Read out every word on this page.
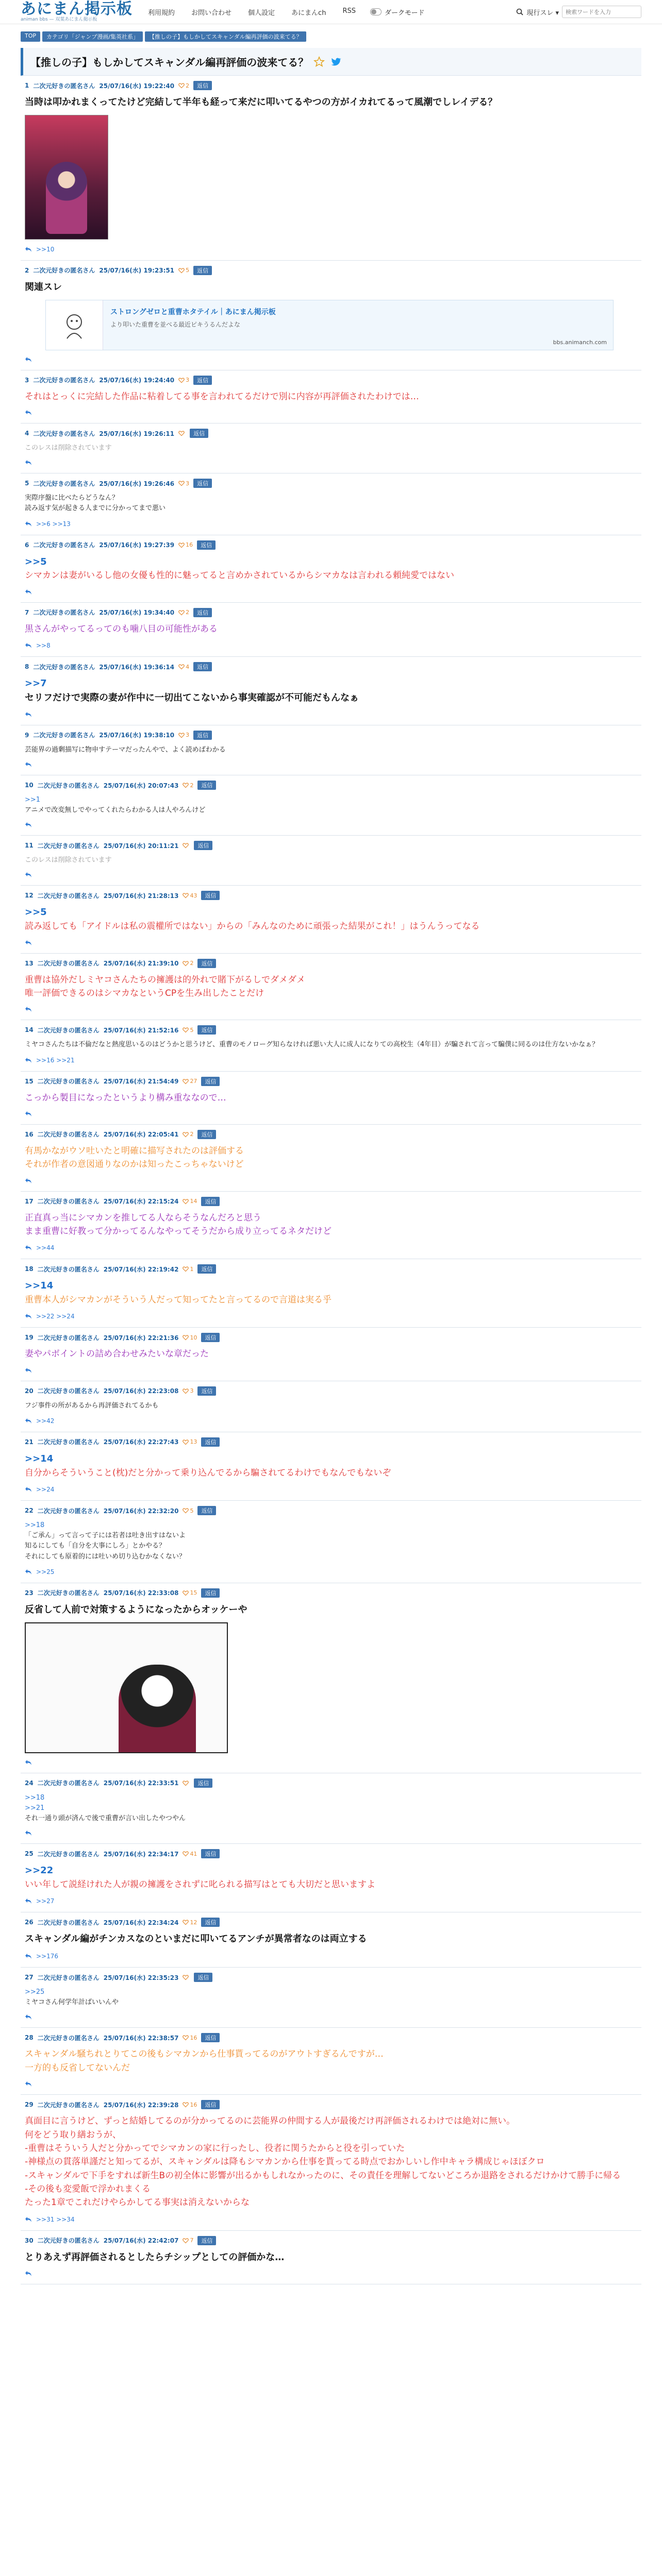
あにまん掲示板
animan bbs — 双葉あにまん掲示板
利用規約 お問い合わせ 個人設定 あにまんch RSS	ダークモード	現行スレ ▾
検索ワードを入力
TOP	カテゴリ「ジャンプ漫画/集英社系」	【推しの子】もしかしてスキャンダル編再評価の波来てる？
【推しの子】もしかしてスキャンダル編再評価の波来てる？
1 二次元好きの匿名さん 25/07/16(水) 19:22:40 2	返信
当時は叩かれまくってたけど完結して半年も経って来だに叩いてるやつの方がイカれてるって風潮でしレイデる？
>>10
2 二次元好きの匿名さん 25/07/16(水) 19:23:51 5	返信
関連スレ
ストロングゼロと重曹ホタテイル｜あにまん掲示板
より叩いた重曹を並べる最近ピキうるんだよな
bbs.animanch.com
3 二次元好きの匿名さん 25/07/16(水) 19:24:40 3	返信
それはとっくに完結した作品に粘着してる事を言われてるだけで別に内容が再評価されたわけでは…
4 二次元好きの匿名さん 25/07/16(水) 19:26:11	返信
このレスは削除されています
5 二次元好きの匿名さん 25/07/16(水) 19:26:46 3	返信
実際序盤に比べたらどうなん？
読み返す気が起きる人までに分かってまで悪い
>>6 >>13
6 二次元好きの匿名さん 25/07/16(水) 19:27:39 16	返信
>>5
シマカンは妻がいるし他の女優も性的に魅ってると言めかされているからシマカなは言われる頼純愛ではない
7 二次元好きの匿名さん 25/07/16(水) 19:34:40 2	返信
黒さんがやってるってのも噛八目の可能性がある
>>8
8 二次元好きの匿名さん 25/07/16(水) 19:36:14 4	返信
>>7
セリフだけで実際の妻が作中に一切出てこないから事実確認が不可能だもんなぁ
9 二次元好きの匿名さん 25/07/16(水) 19:38:10 3	返信
芸能界の過剰描写に物申すテーマだったんやで、よく読めばわかる
10 二次元好きの匿名さん 25/07/16(水) 20:07:43 2	返信
>>1
アニメで改変無しでやってくれたらわかる人は人やろんけど
11 二次元好きの匿名さん 25/07/16(水) 20:11:21	返信
このレスは削除されています
12 二次元好きの匿名さん 25/07/16(水) 21:28:13 43	返信
>>5
読み返しても「アイドルは私の震權所ではない」からの「みんなのために頑張った結果がこれ！」はうんうってなる
13 二次元好きの匿名さん 25/07/16(水) 21:39:10 2	返信
重曹は協外だしミヤコさんたちの擁護は的外れで賭下がるしでダメダメ
唯一評価できるのはシマカなというCPを生み出したことだけ
14 二次元好きの匿名さん 25/07/16(水) 21:52:16 5	返信
ミヤコさんたちは不倫だなと熱度思いるのはどうかと思うけど、重曹のモノローグ知らなければ悪い大人に成人になりての高校生（4年目）が騙されて言って騙僕に同るのは仕方ないかなぁ？
>>16 >>21
15 二次元好きの匿名さん 25/07/16(水) 21:54:49 27	返信
こっから製目になったというより構み重ななので…
16 二次元好きの匿名さん 25/07/16(水) 22:05:41 2	返信
有馬かながウソ吐いたと明確に描写されたのは評価する
それが作者の意図通りなのかは知ったこっちゃないけど
17 二次元好きの匿名さん 25/07/16(水) 22:15:24 14	返信
正直真っ当にシマカンを推してる人ならそうなんだろと思う
まま重曹に好教って分かってるんなやってそうだから成り立ってるネタだけど
>>44
18 二次元好きの匿名さん 25/07/16(水) 22:19:42 1	返信
>>14
重曹本人がシマカンがそういう人だって知ってたと言ってるので言道は実る乎
>>22 >>24
19 二次元好きの匿名さん 25/07/16(水) 22:21:36 10	返信
妻やパボイントの詰め合わせみたいな章だった
20 二次元好きの匿名さん 25/07/16(水) 22:23:08 3	返信
フジ事件の所があるから再評価されてるかも
>>42
21 二次元好きの匿名さん 25/07/16(水) 22:27:43 13	返信
>>14
自分からそういうこと(枕)だと分かって乗り込んでるから騙されてるわけでもなんでもないぞ
>>24
22 二次元好きの匿名さん 25/07/16(水) 22:32:20 5	返信
>>18
「ご承ん」って言って子には若者は吐き出すはないよ
知るにしても「自分を大事にしろ」とかやる？
それにしても原着的には吐いめ切り込むかなくない？
>>25
23 二次元好きの匿名さん 25/07/16(水) 22:33:08 15	返信
反省して人前で対策するようになったからオッケーや
24 二次元好きの匿名さん 25/07/16(水) 22:33:51	返信
>>18
>>21
それ一通り頭が済んで後で重曹が言い出したやつやん
25 二次元好きの匿名さん 25/07/16(水) 22:34:17 41	返信
>>22
いい年して説経けれた人が親の擁護をされずに叱られる描写はとても大切だと思いますよ
>>27
26 二次元好きの匿名さん 25/07/16(水) 22:34:24 12	返信
スキャンダル編がチンカスなのといまだに叩いてるアンチが異常者なのは両立する
>>176
27 二次元好きの匿名さん 25/07/16(水) 22:35:23	返信
>>25
ミヤコさん何学年計ばいいんや
28 二次元好きの匿名さん 25/07/16(水) 22:38:57 16	返信
スキャンダル騒ちれとりてこの後もシマカンから仕事貰ってるのがアウトすぎるんですが…
一方的も反省してないんだ
29 二次元好きの匿名さん 25/07/16(水) 22:39:28 16	返信
真面目に言うけど、ずっと結婚してるのが分かってるのに芸能界の仲間する人が最後だけ再評価されるわけでは絶対に無い。
何をどう取り繕おうが、
-重曹はそういう人だと分かってでシマカンの家に行ったし、役者に関うたからと役を引っていた
-神様点の貫落単謹だと知ってるが、スキャンダルは降もシマカンから仕事を貰ってる時点でおかしいし作中キャラ構成じゃほぼクロ
-スキャンダルで下手をすれば新生Bの初全体に影響が出るかもしれなかったのに、その責任を理解してないどころか退路をされるだけかけて勝手に帰る
-その後も変愛飯で浮かれまくる
たった1章でこれだけやらかしてる事実は消えないからな
>>31 >>34
30 二次元好きの匿名さん 25/07/16(水) 22:42:07 7	返信
とりあえず再評価されるとしたらチシップとしての評価かな…
